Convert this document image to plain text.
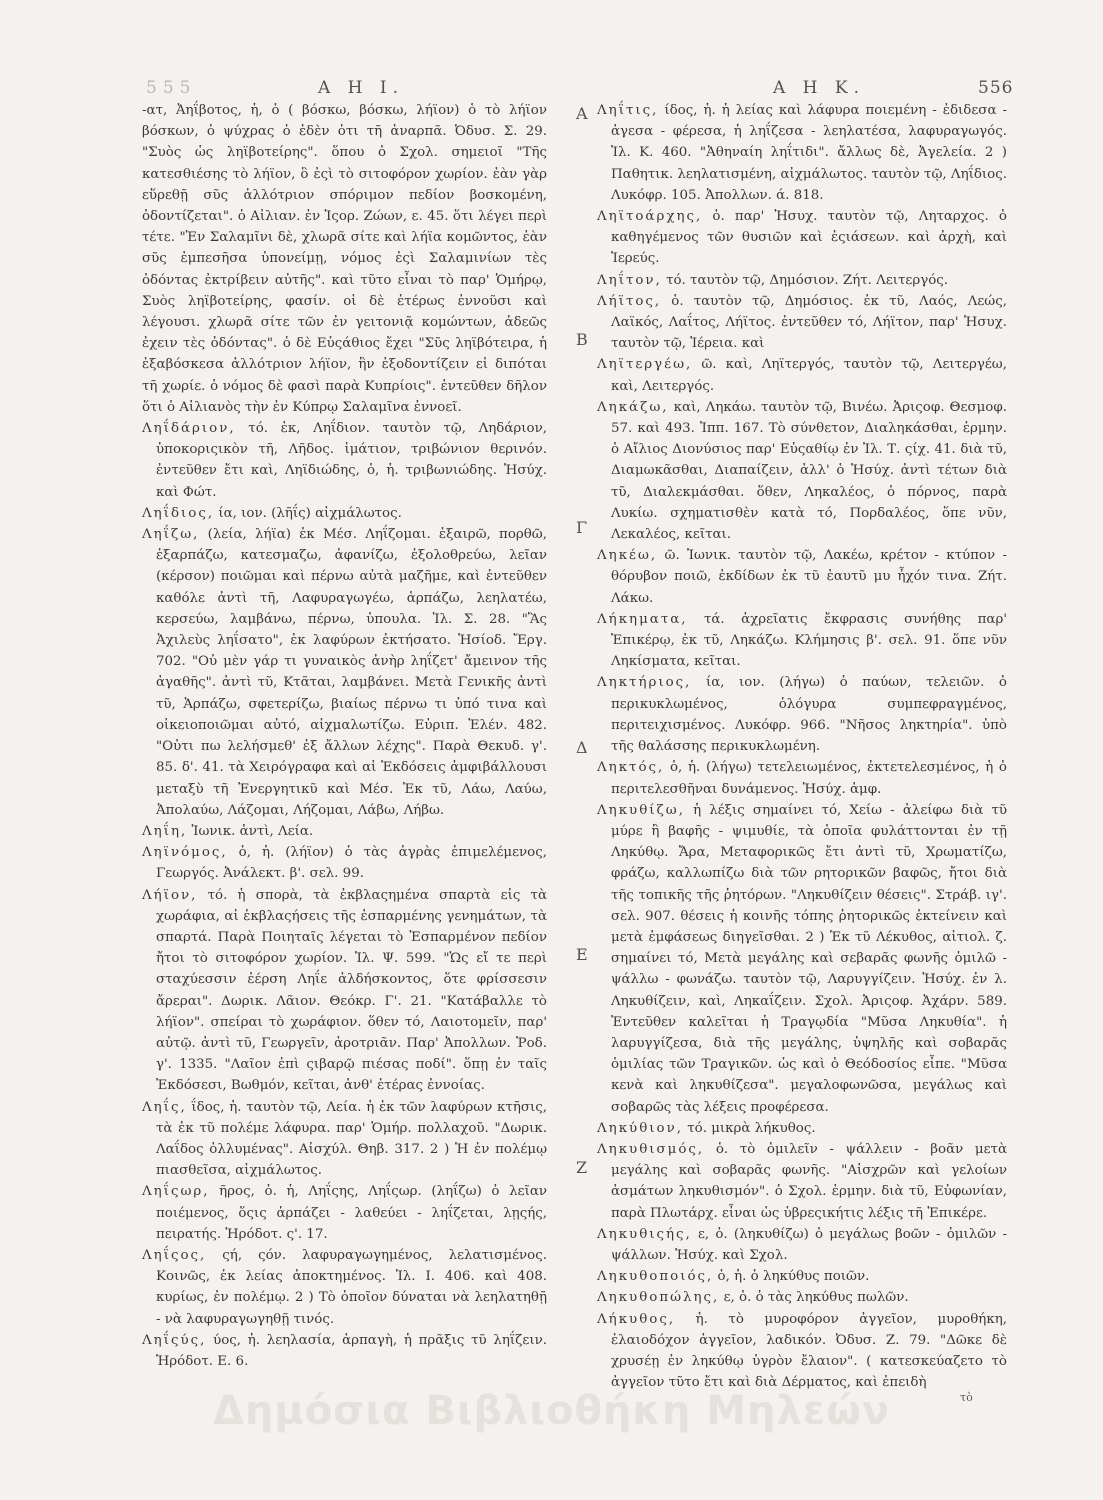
555	Α Η Ι.	Α Η Κ.	556

-ατ, Ἀηΐβοτος, ἡ, ὁ ( βόσκω, βόσκω, λήϊον) ὁ τὸ λήϊον βόσκων, ὁ ψύχρας ὁ ἐδὲν ὁτι τῆ ἀναρπᾶ. Ὀδυσ. Σ. 29. "Συὸς ὡς ληϊβοτείρης". ὅπου ὁ Σχολ. σημειοῖ "Τῆς κατεσθιέσης τὸ λήϊον, ὃ ἐςὶ τὸ σιτοφόρον χωρίον. ἐὰν γὰρ εὕρεθῇ σῦς ἀλλότριον σπόριμον πεδίον βοσκομένη, ὀδοντίζεται". ὁ Αἰλιαν. ἐν Ἱςορ. Ζώων, ε. 45. ὅτι λέγει περὶ τέτε. "Ἐν Σαλαμῖνι δὲ, χλωρᾶ σίτε καὶ λήϊα κομῶντος, ἐὰν σῦς ἐμπεσῆσα ὑπονείμῃ, νόμος ἐςὶ Σαλαμινίων τὲς ὀδόντας ἐκτρίβειν αὐτῆς". καὶ τῦτο εἶναι τὸ παρ' Ὁμήρῳ, Συὸς ληϊβοτείρης, φασίν. οἱ δὲ ἑτέρως ἐννοῦσι καὶ λέγουσι. χλωρᾶ σίτε τῶν ἐν γειτονιᾷ κομώντων, ἀδεῶς ἐχειν τὲς ὀδόντας". ὁ δὲ Εὐςάθιος ἔχει "Σῦς ληϊβότειρα, ἡ ἐξαβόσκεσα ἀλλότριον λήϊον, ἣν ἐξοδοντίζειν εἰ διπόται τῆ χωρίε. ὁ νόμος δὲ φασὶ παρὰ Κυπρίοις". ἐντεῦθεν δῆλον ὅτι ὁ Αἰλιανὸς τὴν ἐν Κύπρῳ Σαλαμῖνα ἐννοεῖ.

Ληΐδάριον, τό. ἐκ, Ληΐδιον. ταυτὸν τῷ, Ληδάριον, ὑποκοριςικὸν τῆ, Λῆδος. ἱμάτιον, τριβώνιον θερινόν. ἐντεῦθεν ἔτι καὶ, Ληϊδιώδης, ὁ, ἡ. τριβωνιώδης. Ἡσύχ. καὶ Φώτ.

Ληΐδιος, ία, ιον. (λῆΐς) αἰχμάλωτος.

Ληΐζω, (λεία, λήϊα) ἐκ Μέσ. Ληΐζομαι. ἐξαιρῶ, πορθῶ, ἐξαρπάζω, κατεσμαζω, ἀφανίζω, ἐξολοθρεύω, λεῖαν (κέρσον) ποιῶμαι καὶ πέρνω αὐτὰ μαζῆμε, καὶ ἐντεῦθεν καθόλε ἀντὶ τῆ, Λαφυραγωγέω, ἁρπάζω, λεηλατέω, κερσεύω, λαμβάνω, πέρνω, ὑπουλα. Ἰλ. Σ. 28. "Ἃς Ἀχιλεὺς ληΐσατο", ἐκ λαφύρων ἐκτήσατο. Ἡσίοδ. Ἔργ. 702. "Οὐ μὲν γάρ τι γυναικὸς ἀνὴρ ληΐζετ' ἄμεινον τῆς ἀγαθῆς". ἀντὶ τῦ, Κτᾶται, λαμβάνει. Μετὰ Γενικῆς ἀντὶ τῦ, Ἁρπάζω, σφετερίζω, βιαίως πέρνω τι ὑπό τινα καὶ οἰκειοποιῶμαι αὐτό, αἰχμαλωτίζω. Εὐριπ. Ἑλέν. 482. "Οὐτι πω λελήσμεθ' ἐξ ἄλλων λέχης". Παρὰ Θεκυδ. γ'. 85. δ'. 41. τὰ Χειρόγραφα καὶ αἱ Ἐκδόσεις ἀμφιβάλλουσι μεταξὺ τῆ Ἐνεργητικῦ καὶ Μέσ. Ἐκ τῦ, Λάω, Λαύω, Ἀπολαύω, Λάζομαι, Λήζομαι, Λάβω, Λήβω.

Ληΐη, Ἰωνικ. ἀντὶ, Λεία.

Ληϊνόμος, ὁ, ἡ. (λήϊον) ὁ τὰς ἀγρὰς ἐπιμελέμενος, Γεωργός. Ἀνάλεκτ. β'. σελ. 99.

Λήϊον, τό. ἡ σπορὰ, τὰ ἐκβλαςημένα σπαρτὰ εἰς τὰ χωράφια, αἱ ἐκβλαςήσεις τῆς ἐσπαρμένης γενημάτων, τὰ σπαρτά. Παρὰ Ποιηταῖς λέγεται τὸ Ἐσπαρμένον πεδίον ἤτοι τὸ σιτοφόρον χωρίον. Ἰλ. Ψ. 599. "Ὡς εἴ τε περὶ σταχύεσσιν ἐέρση Ληΐε ἀλδήσκοντος, ὅτε φρίσσεσιν ἄρεραι". Δωρικ. Λᾶιον. Θεόκρ. Γ'. 21. "Κατάβαλλε τὸ λήϊον". σπείραι τὸ χωράφιον. ὅθεν τό, Λαιοτομεῖν, παρ' αὐτῷ. ἀντὶ τῦ, Γεωργεῖν, ἀροτριᾶν. Παρ' Ἀπολλων. Ῥοδ. γ'. 1335. "Λαῖον ἐπὶ ςιβαρῷ πιέσας ποδί". ὅπῃ ἐν ταῖς Ἐκδόσεσι, Βωθμόν, κεῖται, ἀνθ' ἑτέρας ἐννοίας.

Ληΐς, ΐδος, ἡ. ταυτὸν τῷ, Λεία. ἡ ἐκ τῶν λαφύρων κτῆσις, τὰ ἐκ τῦ πολέμε λάφυρα. παρ' Ὁμήρ. πολλαχοῦ. "Δωρικ. Λαΐδος ὀλλυμένας". Αἰσχύλ. Θηβ. 317. 2 ) Ἡ ἐν πολέμῳ πιασθεῖσα, αἰχμάλωτος.

Ληΐςωρ, ῆρος, ὁ. ἡ, Ληΐςης, Ληΐςωρ. (ληΐζω) ὁ λεῖαν ποιέμενος, ὅςις ἁρπάζει - λαθεύει - ληΐζεται, λῃςής, πειρατής. Ἡρόδοτ. ς'. 17.

Ληΐςος, ςή, ςόν. λαφυραγωγημένος, λελατισμένος. Κοινῶς, ἐκ λείας ἀποκτημένος. Ἰλ. Ι. 406. καὶ 408. κυρίως, ἐν πολέμῳ. 2 ) Τὸ ὁποῖον δύναται νὰ λεηλατηθῇ - νὰ λαφυραγωγηθῇ τινός.

Ληΐςύς, ύος, ἡ. λεηλασία, ἁρπαγὴ, ἡ πρᾶξις τῦ ληΐζειν. Ἡρόδοτ. Ε. 6.

Ληΐτις, ίδος, ἡ. ἡ λείας καὶ λάφυρα ποιεμένη - ἐδιδεσα - ἀγεσα - φέρεσα, ἡ ληΐζεσα - λεηλατέσα, λαφυραγωγός. Ἰλ. Κ. 460. "Ἀθηναίη ληΐτιδι". ἄλλως δὲ, Ἀγελεία. 2 ) Παθητικ. λεηλατισμένη, αἰχμάλωτος. ταυτὸν τῷ, Ληΐδιος. Λυκόφρ. 105. Ἀπολλων. ά. 818.

Ληϊτοάρχης, ὁ. παρ' Ἡσυχ. ταυτὸν τῷ, Ληταρχος. ὁ καθηγέμενος τῶν θυσιῶν καὶ ἑςιάσεων. καὶ ἀρχὴ, καὶ Ἱερεύς.

Ληΐτον, τό. ταυτὸν τῷ, Δημόσιον. Ζήτ. Λειτεργός.

Λήϊτος, ὁ. ταυτὸν τῷ, Δημόσιος. ἐκ τῦ, Λαός, Λεώς, Λαϊκός, Λαΐτος, Λήϊτος. ἐντεῦθεν τό, Λήϊτον, παρ' Ἡσυχ. ταυτὸν τῷ, Ἱέρεια. καὶ

Ληϊτεργέω, ῶ. καὶ, Ληϊτεργός, ταυτὸν τῷ, Λειτεργέω, καὶ, Λειτεργός.

Ληκάζω, καὶ, Ληκάω. ταυτὸν τῷ, Βινέω. Ἀριςοφ. Θεσμοφ. 57. καὶ 493. Ἱππ. 167. Τὸ σύνθετον, Διαληκάσθαι, ἑρμην. ὁ Αἴλιος Διονύσιος παρ' Εὐςαθίῳ ἐν Ἰλ. Τ. ςίχ. 41. διὰ τῦ, Διαμωκᾶσθαι, Διαπαίζειν, ἀλλ' ὁ Ἡσύχ. ἀντὶ τέτων διὰ τῦ, Διαλεκμάσθαι. ὅθεν, Ληκαλέος, ὁ πόρνος, παρὰ Λυκίω. σχηματισθὲν κατὰ τό, Πορδαλέος, ὅπε νῦν, Λεκαλέος, κεῖται.

Ληκέω, ῶ. Ἰωνικ. ταυτὸν τῷ, Λακέω, κρέτον - κτύπον - θόρυβον ποιῶ, ἐκδίδων ἐκ τῦ ἑαυτῦ μυ ἦχόν τινα. Ζήτ. Λάκω.

Λήκηματα, τά. ἀχρεῖατις ἔκφρασις συνήθης παρ' Ἐπικέρῳ, ἐκ τῦ, Ληκάζω. Κλήμησις β'. σελ. 91. ὅπε νῦν Ληκίσματα, κεῖται.

Ληκτήριος, ία, ιον. (λήγω) ὁ παύων, τελειῶν. ὁ περικυκλωμένος, ὁλόγυρα συμπεφραγμένος, περιτειχισμένος. Λυκόφρ. 966. "Νῆσος ληκτηρία". ὑπὸ τῆς θαλάσσης περικυκλωμένη.

Ληκτός, ὁ, ἡ. (λήγω) τετελειωμένος, ἐκτετελεσμένος, ἡ ὁ περιτελεσθῆναι δυνάμενος. Ἡσύχ. ἀμφ.

Ληκυθίζω, ἡ λέξις σημαίνει τό, Χείω - ἀλείφω διὰ τῦ μύρε ἢ βαφῆς - ψιμυθίε, τὰ ὁποῖα φυλάττονται ἐν τῇ Ληκύθῳ. Ἄρα, Μεταφορικῶς ἔτι ἀντὶ τῦ, Χρωματίζω, φράζω, καλλωπίζω διὰ τῶν ρητορικῶν βαφῶς, ἤτοι διὰ τῆς τοπικῆς τῆς ῥητόρων. "Ληκυθίζειν θέσεις". Στράβ. ιγ'. σελ. 907. θέσεις ἡ κοινῆς τόπης ῥητορικῶς ἐκτείνειν καὶ μετὰ ἐμφάσεως διηγεῖσθαι. 2 ) Ἐκ τῦ Λέκυθος, αἰτιολ. ζ. σημαίνει τό, Μετὰ μεγάλης καὶ σεβαρᾶς φωνῆς ὁμιλῶ - ψάλλω - φωνάζω. ταυτὸν τῷ, Λαρυγγίζειν. Ἡσύχ. ἐν λ. Ληκυθίζειν, καὶ, Ληκαΐζειν. Σχολ. Ἀριςοφ. Ἀχάρν. 589. Ἐντεῦθεν καλεῖται ἡ Τραγῳδία "Μῦσα Ληκυθία". ἡ λαρυγγίζεσα, διὰ τῆς μεγάλης, ὑψηλῆς καὶ σοβαρᾶς ὁμιλίας τῶν Τραγικῶν. ὡς καὶ ὁ Θεόδοσίος εἶπε. "Μῦσα κενὰ καὶ ληκυθίζεσα". μεγαλοφωνῶσα, μεγάλως καὶ σοβαρῶς τὰς λέξεις προφέρεσα.

Ληκύθιον, τό. μικρὰ λήκυθος.

Ληκυθισμός, ὁ. τὸ ὁμιλεῖν - ψάλλειν - βοᾶν μετὰ μεγάλης καὶ σοβαρᾶς φωνῆς. "Αἰσχρῶν καὶ γελοίων ἀσμάτων ληκυθισμόν". ὁ Σχολ. ἑρμην. διὰ τῦ, Εὐφωνίαν, παρὰ Πλωτάρχ. εἶναι ὡς ὑβρεςικήτις λέξις τῆ Ἐπικέρε.

Ληκυθιςής, ε, ὁ. (ληκυθίζω) ὁ μεγάλως βοῶν - ὁμιλῶν - ψάλλων. Ἡσύχ. καὶ Σχολ.

Ληκυθοποιός, ὁ, ἡ. ὁ ληκύθυς ποιῶν.

Ληκυθοπώλης, ε, ὁ. ὁ τὰς ληκύθυς πωλῶν.

Λήκυθος, ἡ. τὸ μυροφόρον ἀγγεῖον, μυροθήκη, ἐλαιοδόχον ἀγγεῖον, λαδικόν. Ὀδυσ. Ζ. 79. "Δῶκε δὲ χρυσέῃ ἐν ληκύθῳ ὑγρὸν ἔλαιον". ( κατεσκεύαζετο τὸ ἀγγεῖον τῦτο ἔτι καὶ διὰ Δέρματος, καὶ ἐπειδὴ

Α
Β
Γ
Δ
Ε
Ζ
τὸ
Δημόσια Βιβλιοθήκη Μηλεών
